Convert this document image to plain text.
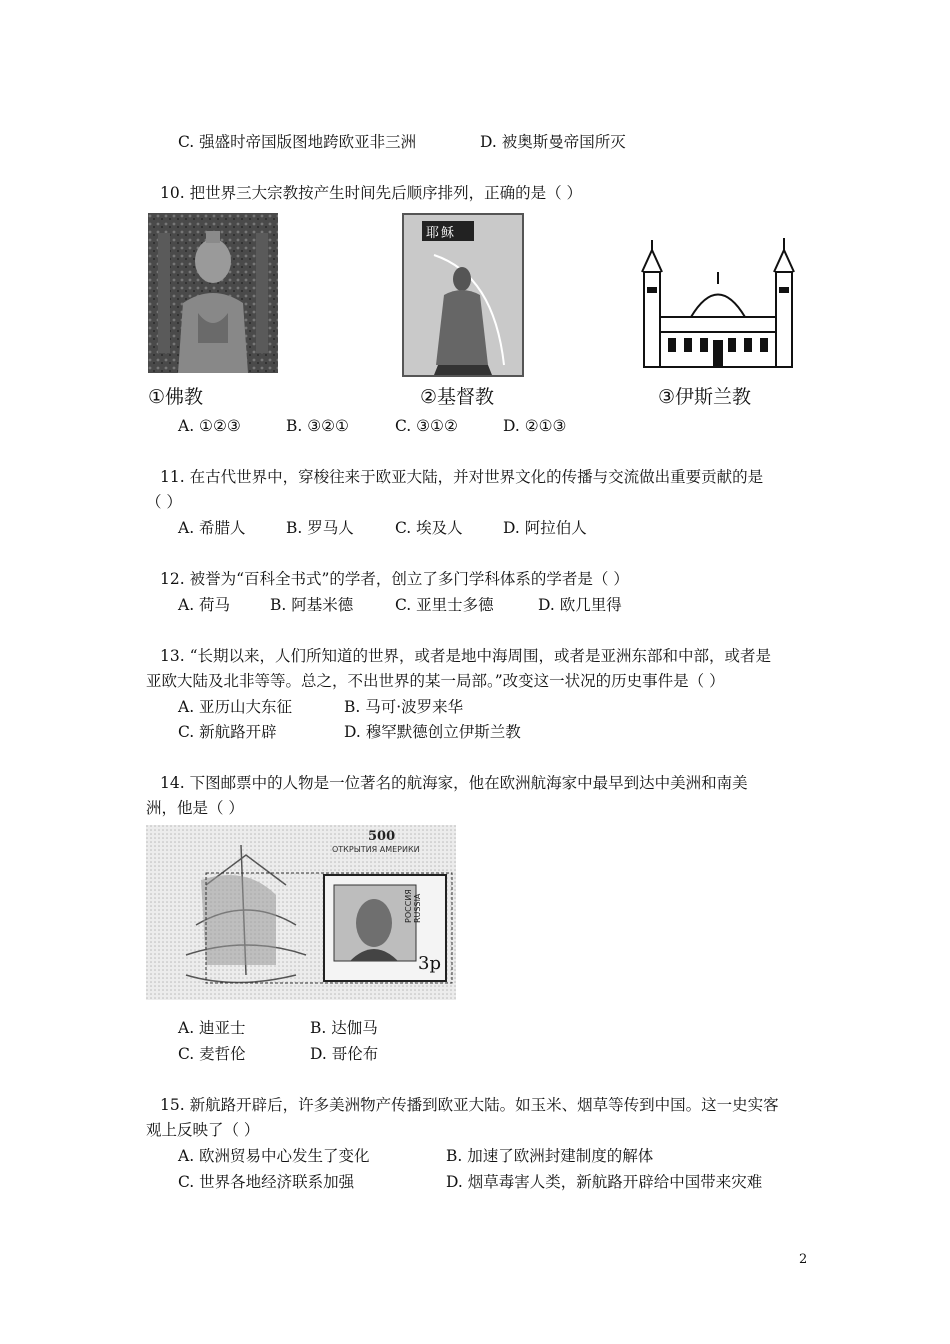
C. 强盛时帝国版图地跨欧亚非三洲	D. 被奥斯曼帝国所灭
10. 把世界三大宗教按产生时间先后顺序排列，正确的是（ ）
耶稣
①佛教	②基督教	③伊斯兰教
A. ①②③	B. ③②①	C. ③①②	D. ②①③
11. 在古代世界中，穿梭往来于欧亚大陆，并对世界文化的传播与交流做出重要贡献的是
（ ）
A. 希腊人	B. 罗马人	C. 埃及人	D. 阿拉伯人
12. 被誉为“百科全书式”的学者，创立了多门学科体系的学者是（ ）
A. 荷马	B. 阿基米德	C. 亚里士多德	D. 欧几里得
13. “长期以来，人们所知道的世界，或者是地中海周围，或者是亚洲东部和中部，或者是
亚欧大陆及北非等等。总之，不出世界的某一局部。”改变这一状况的历史事件是（ ）
A. 亚历山大东征	B. 马可·波罗来华
C. 新航路开辟	D. 穆罕默德创立伊斯兰教
14. 下图邮票中的人物是一位著名的航海家，他在欧洲航海家中最早到达中美洲和南美
洲，他是（ ）
500
ОТКРЫТИЯ АМЕРИКИ
POCCИЯ RUSSIA
3p
A. 迪亚士	B. 达伽马
C. 麦哲伦	D. 哥伦布
15. 新航路开辟后，许多美洲物产传播到欧亚大陆。如玉米、烟草等传到中国。这一史实客
观上反映了（ ）
A. 欧洲贸易中心发生了变化	B. 加速了欧洲封建制度的解体
C. 世界各地经济联系加强	D. 烟草毒害人类，新航路开辟给中国带来灾难
2
